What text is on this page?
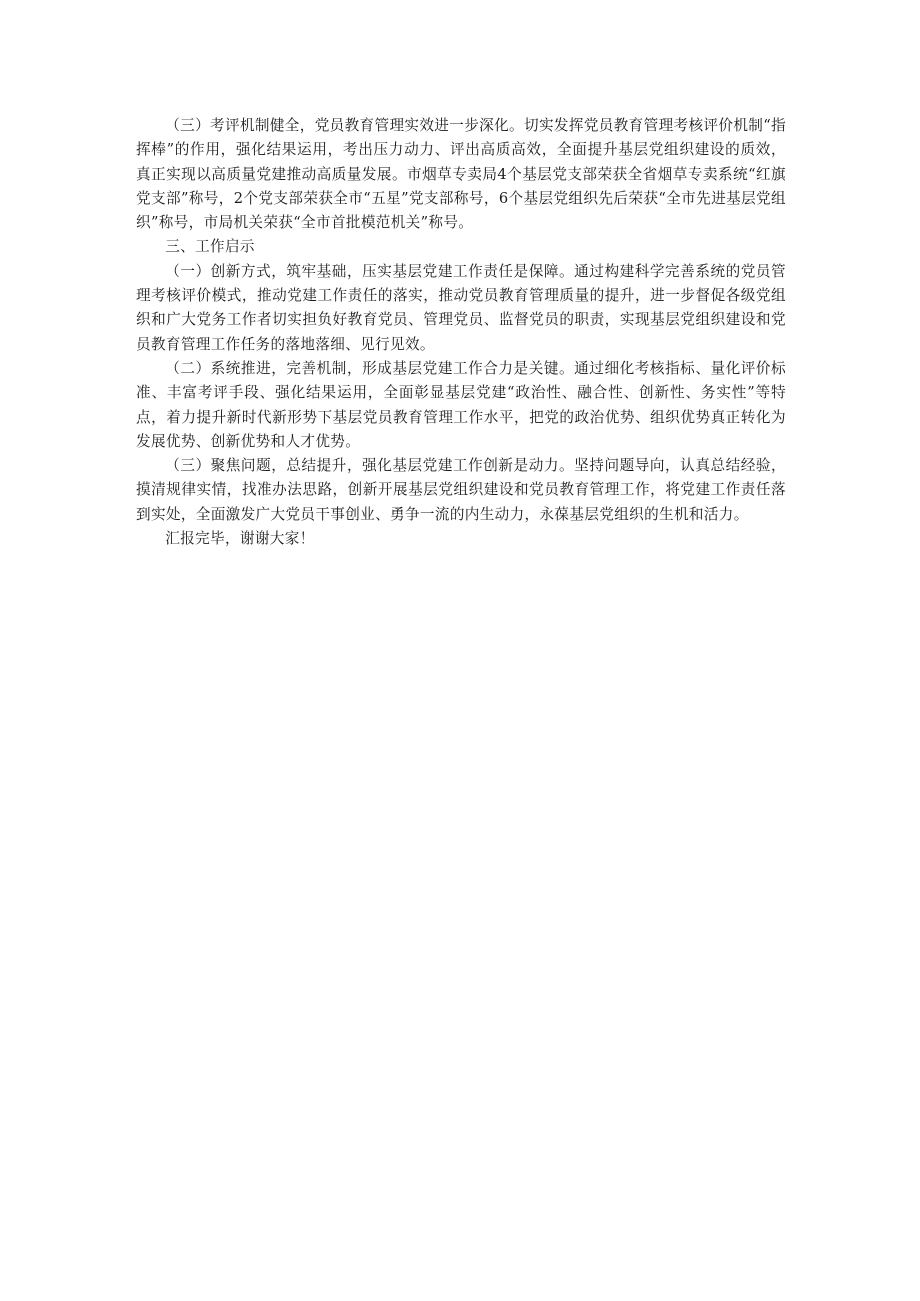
（三）考评机制健全，党员教育管理实效进一步深化。切实发挥党员教育管理考核评价机制“指挥棒”的作用，强化结果运用，考出压力动力、评出高质高效，全面提升基层党组织建设的质效，真正实现以高质量党建推动高质量发展。市烟草专卖局4个基层党支部荣获全省烟草专卖系统“红旗党支部”称号，2个党支部荣获全市“五星”党支部称号，6个基层党组织先后荣获“全市先进基层党组织”称号，市局机关荣获“全市首批模范机关”称号。

三、工作启示

（一）创新方式，筑牢基础，压实基层党建工作责任是保障。通过构建科学完善系统的党员管理考核评价模式，推动党建工作责任的落实，推动党员教育管理质量的提升，进一步督促各级党组织和广大党务工作者切实担负好教育党员、管理党员、监督党员的职责，实现基层党组织建设和党员教育管理工作任务的落地落细、见行见效。

（二）系统推进，完善机制，形成基层党建工作合力是关键。通过细化考核指标、量化评价标准、丰富考评手段、强化结果运用，全面彰显基层党建“政治性、融合性、创新性、务实性”等特点，着力提升新时代新形势下基层党员教育管理工作水平，把党的政治优势、组织优势真正转化为发展优势、创新优势和人才优势。

（三）聚焦问题，总结提升，强化基层党建工作创新是动力。坚持问题导向，认真总结经验，摸清规律实情，找准办法思路，创新开展基层党组织建设和党员教育管理工作，将党建工作责任落到实处，全面激发广大党员干事创业、勇争一流的内生动力，永葆基层党组织的生机和活力。

汇报完毕，谢谢大家！
